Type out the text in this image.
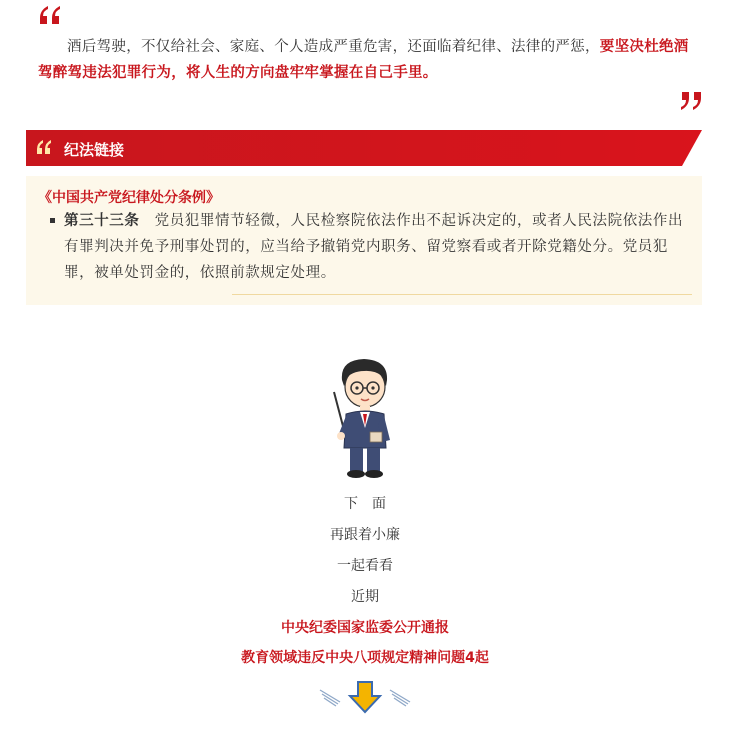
酒后驾驶，不仅给社会、家庭、个人造成严重危害，还面临着纪律、法律的严惩，要坚决杜绝酒驾醉驾违法犯罪行为，将人生的方向盘牢牢掌握在自己手里。

纪法链接
《中国共产党纪律处分条例》

第三十三条　 党员犯罪情节轻微，人民检察院依法作出不起诉决定的，或者人民法院依法作出有罪判决并免予刑事处罚的，应当给予撤销党内职务、留党察看或者开除党籍处分。党员犯罪，被单处罚金的，依照前款规定处理。

下　面
再跟着小廉
一起看看
近期
中央纪委国家监委公开通报
教育领域违反中央八项规定精神问题4起
